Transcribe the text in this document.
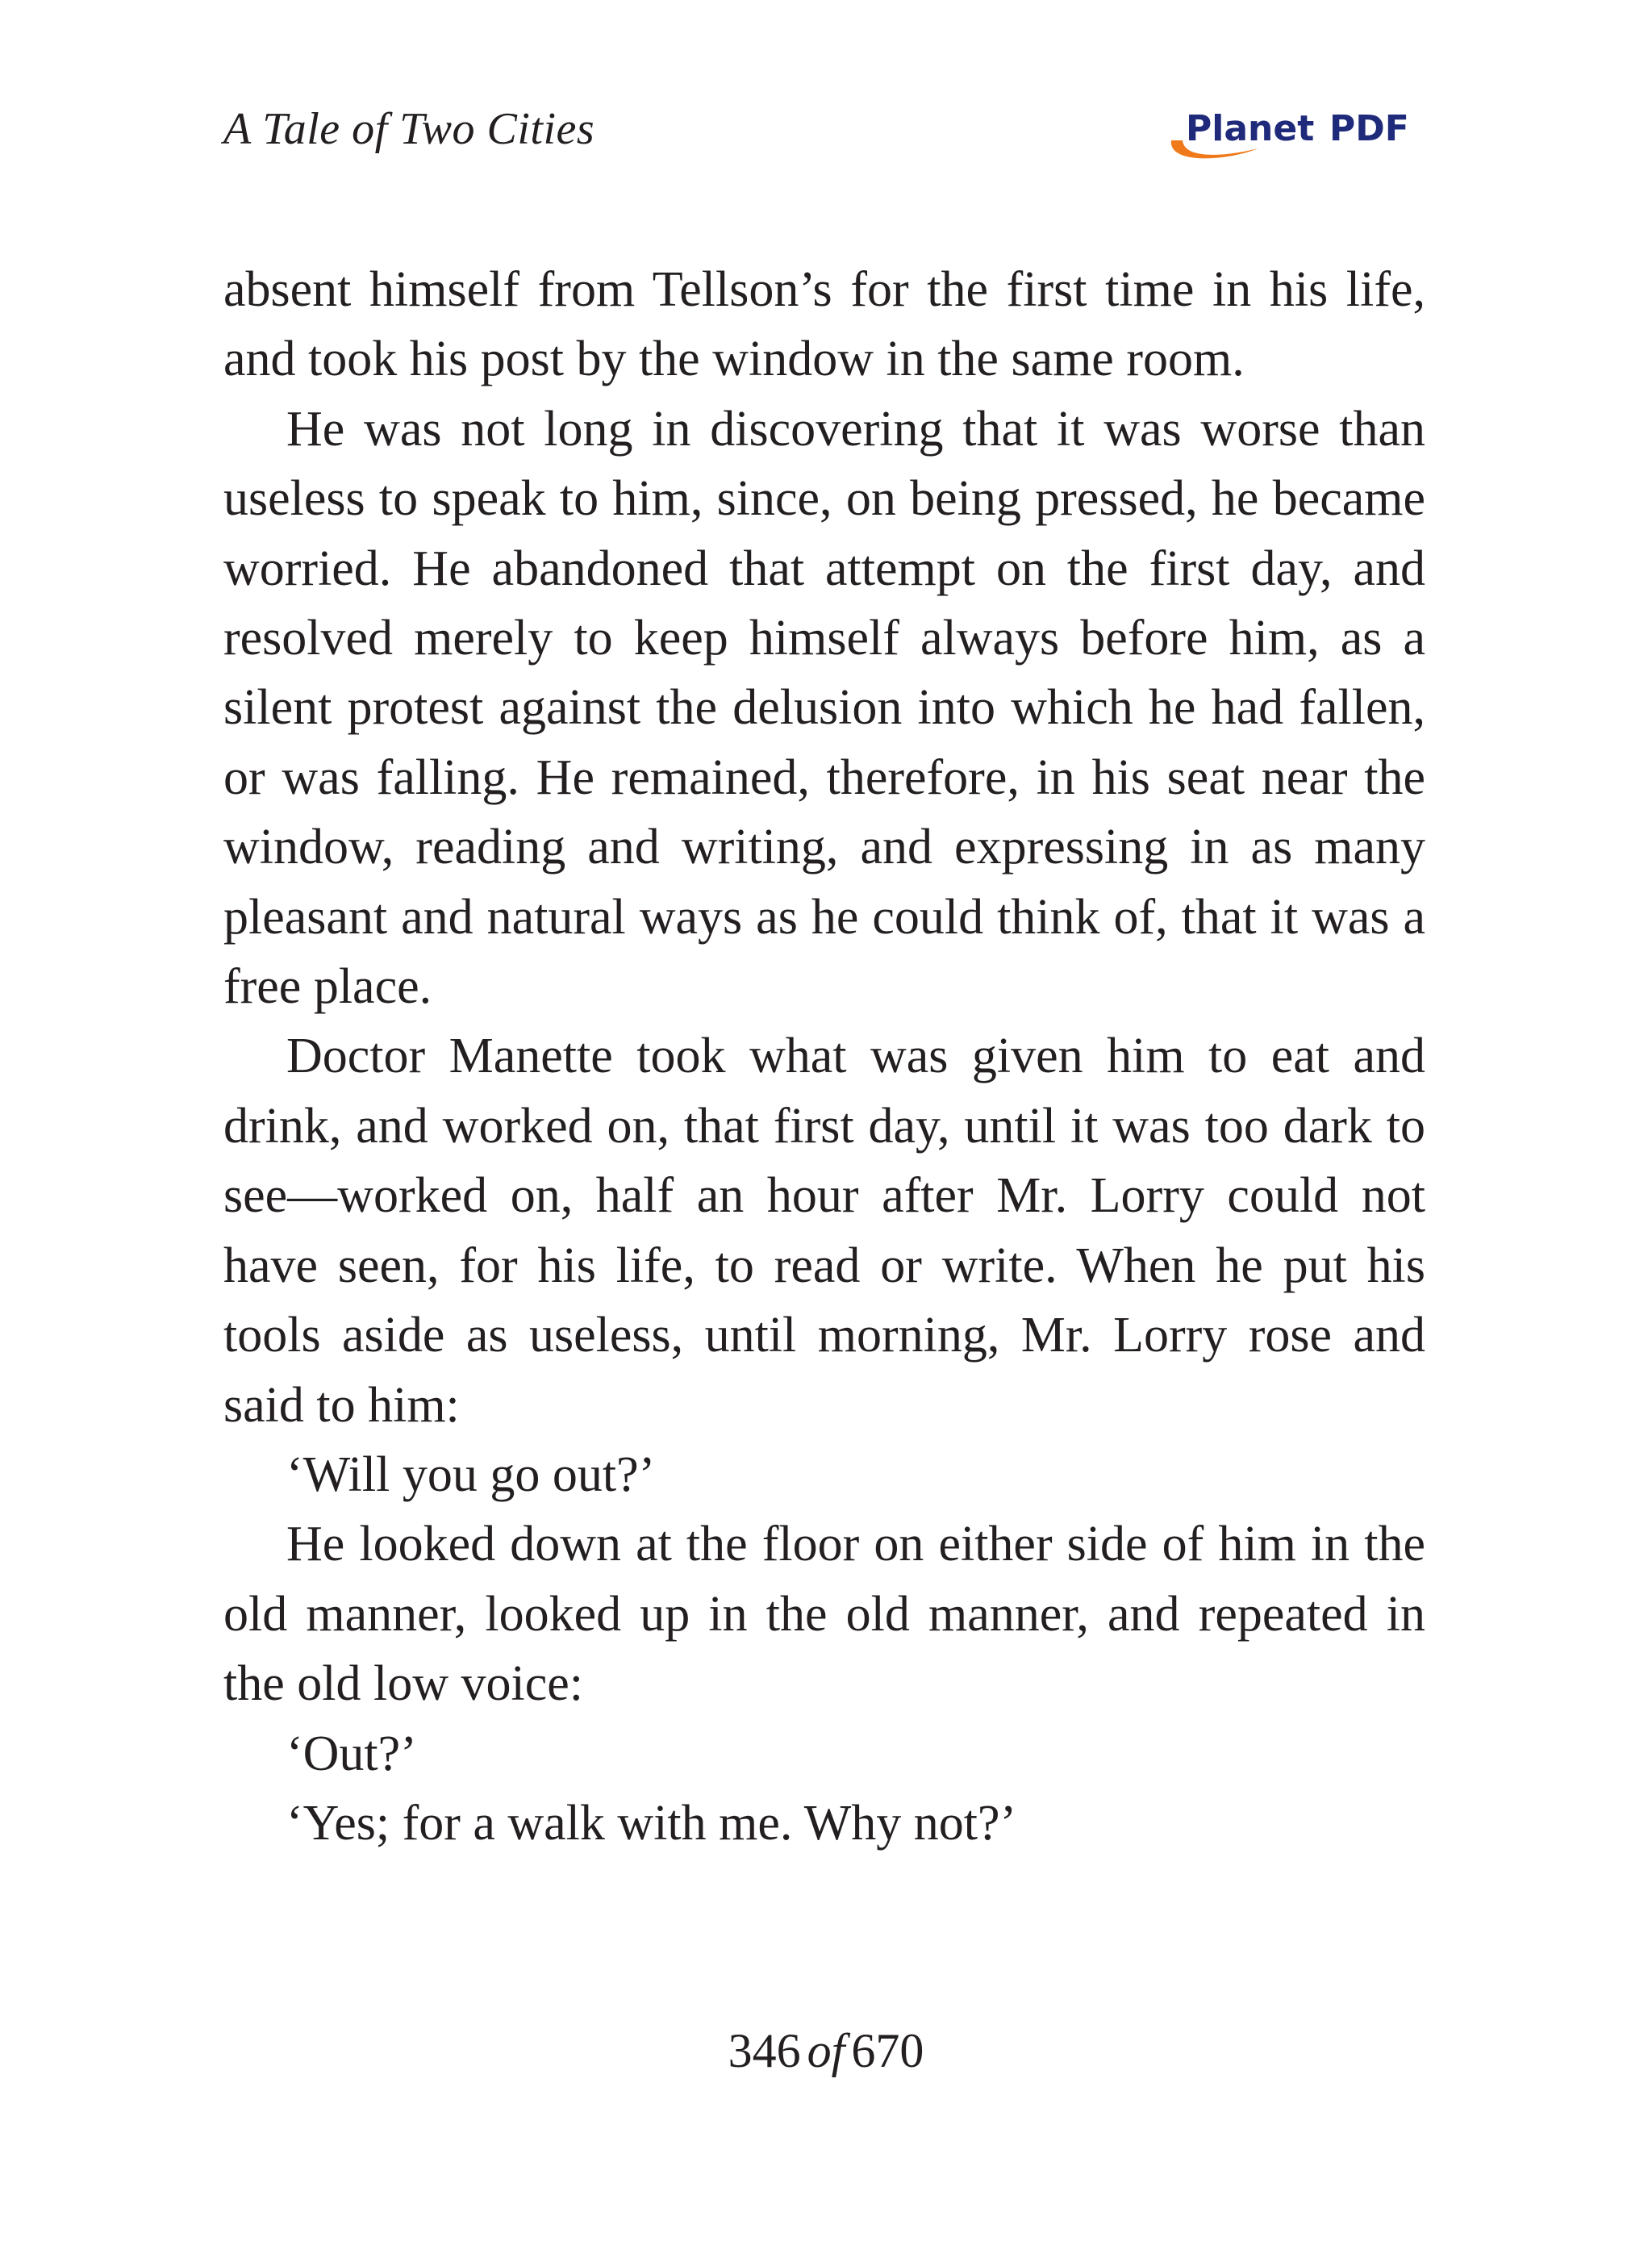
A Tale of Two Cities	Planet PDF

absent himself from Tellson’s for the first time in his life, and took his post by the window in the same room.

He was not long in discovering that it was worse than useless to speak to him, since, on being pressed, he became worried. He abandoned that attempt on the first day, and resolved merely to keep himself always before him, as a silent protest against the delusion into which he had fallen, or was falling. He remained, therefore, in his seat near the window, reading and writing, and expressing in as many pleasant and natural ways as he could think of, that it was a free place.

Doctor Manette took what was given him to eat and drink, and worked on, that first day, until it was too dark to see—worked on, half an hour after Mr. Lorry could not have seen, for his life, to read or write. When he put his tools aside as useless, until morning, Mr. Lorry rose and said to him:

‘Will you go out?’

He looked down at the floor on either side of him in the old manner, looked up in the old manner, and repeated in the old low voice:

‘Out?’

‘Yes; for a walk with me. Why not?’

346 of 670
